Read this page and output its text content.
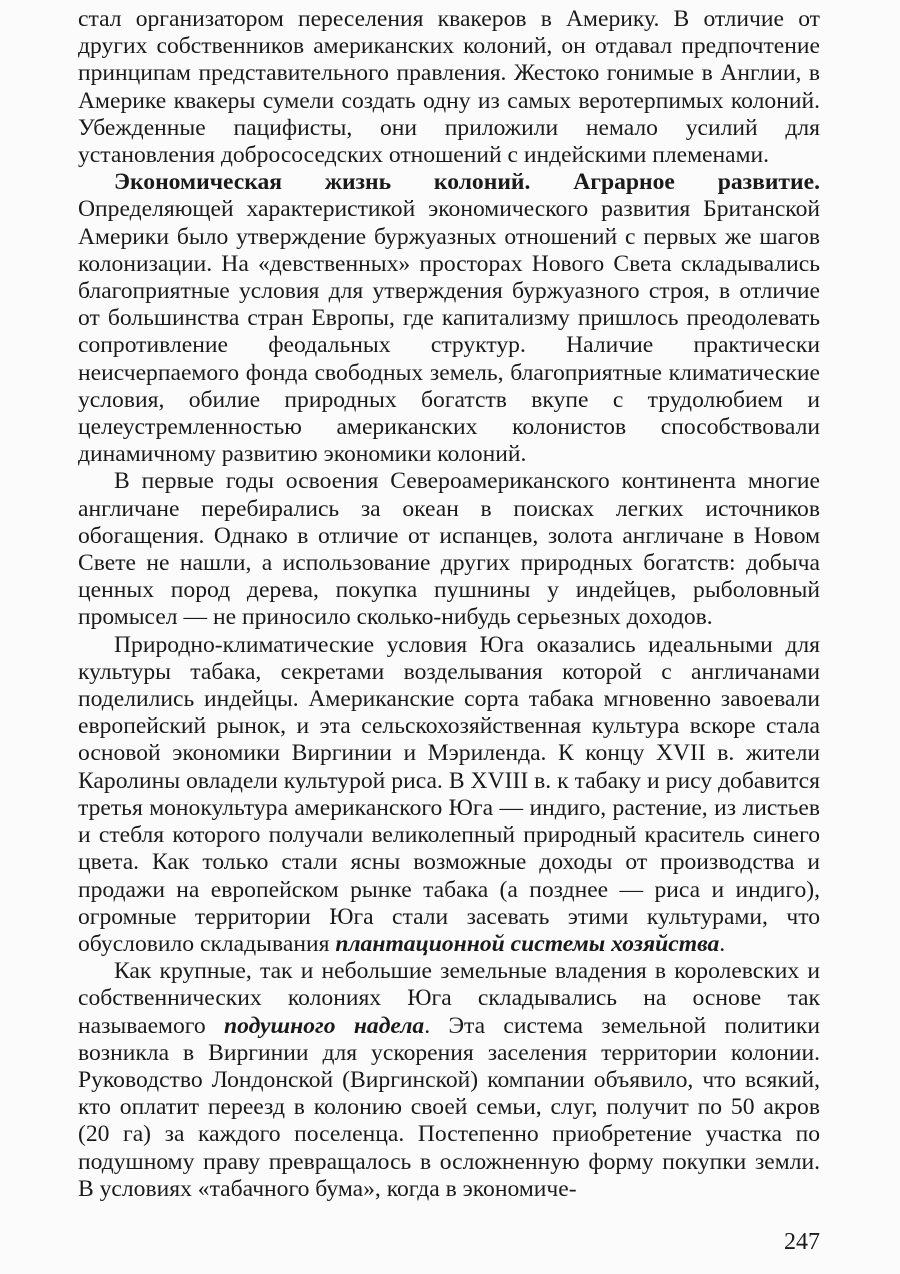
стал организатором переселения квакеров в Америку. В отличие от других собственников американских колоний, он отдавал предпочтение принципам представительного правления. Жестоко гонимые в Англии, в Америке квакеры сумели создать одну из самых веротерпимых колоний. Убежденные пацифисты, они приложили немало усилий для установления добрососедских отношений с индейскими племенами.

Экономическая жизнь колоний. Аграрное развитие. Определяющей характеристикой экономического развития Британской Америки было утверждение буржуазных отношений с первых же шагов колонизации. На «девственных» просторах Нового Света складывались благоприятные условия для утверждения буржуазного строя, в отличие от большинства стран Европы, где капитализму пришлось преодолевать сопротивление феодальных структур. Наличие практически неисчерпаемого фонда свободных земель, благоприятные климатические условия, обилие природных богатств вкупе с трудолюбием и целеустремленностью американских колонистов способствовали динамичному развитию экономики колоний.

В первые годы освоения Североамериканского континента многие англичане перебирались за океан в поисках легких источников обогащения. Однако в отличие от испанцев, золота англичане в Новом Свете не нашли, а использование других природных богатств: добыча ценных пород дерева, покупка пушнины у индейцев, рыболовный промысел — не приносило сколько-нибудь серьезных доходов.

Природно-климатические условия Юга оказались идеальными для культуры табака, секретами возделывания которой с англичанами поделились индейцы. Американские сорта табака мгновенно завоевали европейский рынок, и эта сельскохозяйственная культура вскоре стала основой экономики Виргинии и Мэриленда. К концу XVII в. жители Каролины овладели культурой риса. В XVIII в. к табаку и рису добавится третья монокультура американского Юга — индиго, растение, из листьев и стебля которого получали великолепный природный краситель синего цвета. Как только стали ясны возможные доходы от производства и продажи на европейском рынке табака (а позднее — риса и индиго), огромные территории Юга стали засевать этими культурами, что обусловило складывания плантационной системы хозяйства.

Как крупные, так и небольшие земельные владения в королевских и собственнических колониях Юга складывались на основе так называемого подушного надела. Эта система земельной политики возникла в Виргинии для ускорения заселения территории колонии. Руководство Лондонской (Виргинской) компании объявило, что всякий, кто оплатит переезд в колонию своей семьи, слуг, получит по 50 акров (20 га) за каждого поселенца. Постепенно приобретение участка по подушному праву превращалось в осложненную форму покупки земли. В условиях «табачного бума», когда в экономиче-

247
